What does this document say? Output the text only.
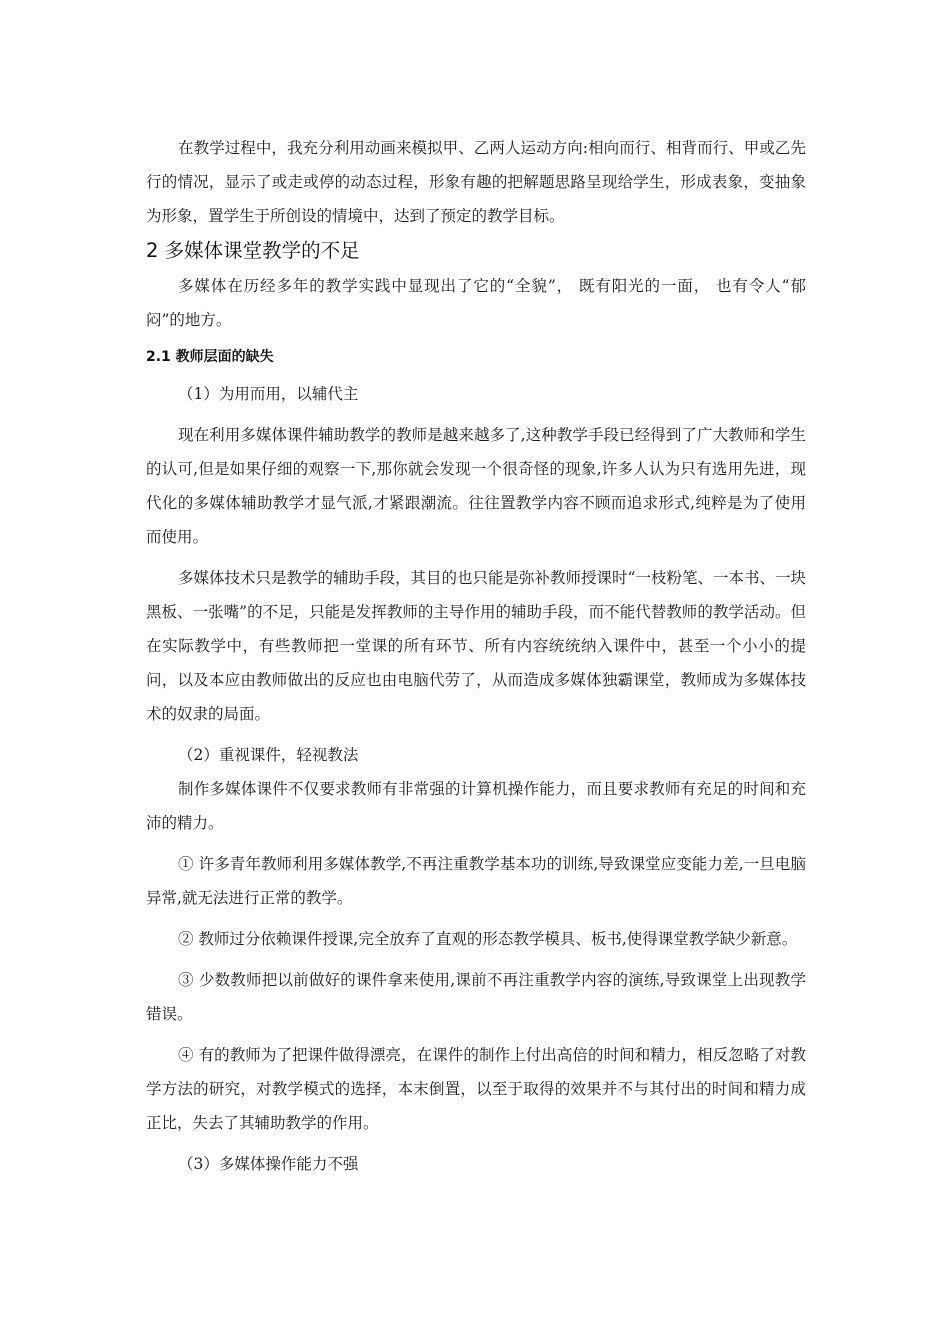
在教学过程中，我充分利用动画来模拟甲、乙两人运动方向:相向而行、相背而行、甲或乙先行的情况，显示了或走或停的动态过程，形象有趣的把解题思路呈现给学生，形成表象，变抽象为形象，置学生于所创设的情境中，达到了预定的教学目标。

2 多媒体课堂教学的不足

多媒体在历经多年的教学实践中显现出了它的“全貌”， 既有阳光的一面， 也有令人“郁闷”的地方。

2.1 教师层面的缺失

（1）为用而用，以辅代主

现在利用多媒体课件辅助教学的教师是越来越多了,这种教学手段已经得到了广大教师和学生的认可,但是如果仔细的观察一下,那你就会发现一个很奇怪的现象,许多人认为只有选用先进，现代化的多媒体辅助教学才显气派,才紧跟潮流。往往置教学内容不顾而追求形式,纯粹是为了使用而使用。

多媒体技术只是教学的辅助手段，其目的也只能是弥补教师授课时“一枝粉笔、一本书、一块黑板、一张嘴”的不足，只能是发挥教师的主导作用的辅助手段，而不能代替教师的教学活动。但在实际教学中，有些教师把一堂课的所有环节、所有内容统统纳入课件中，甚至一个小小的提问，以及本应由教师做出的反应也由电脑代劳了，从而造成多媒体独霸课堂，教师成为多媒体技术的奴隶的局面。

（2）重视课件，轻视教法

制作多媒体课件不仅要求教师有非常强的计算机操作能力，而且要求教师有充足的时间和充沛的精力。

① 许多青年教师利用多媒体教学,不再注重教学基本功的训练,导致课堂应变能力差,一旦电脑异常,就无法进行正常的教学。

② 教师过分依赖课件授课,完全放弃了直观的形态教学模具、板书,使得课堂教学缺少新意。

③ 少数教师把以前做好的课件拿来使用,课前不再注重教学内容的演练,导致课堂上出现教学错误。

④ 有的教师为了把课件做得漂亮，在课件的制作上付出高倍的时间和精力，相反忽略了对教学方法的研究，对教学模式的选择，本末倒置，以至于取得的效果并不与其付出的时间和精力成正比，失去了其辅助教学的作用。

（3）多媒体操作能力不强
